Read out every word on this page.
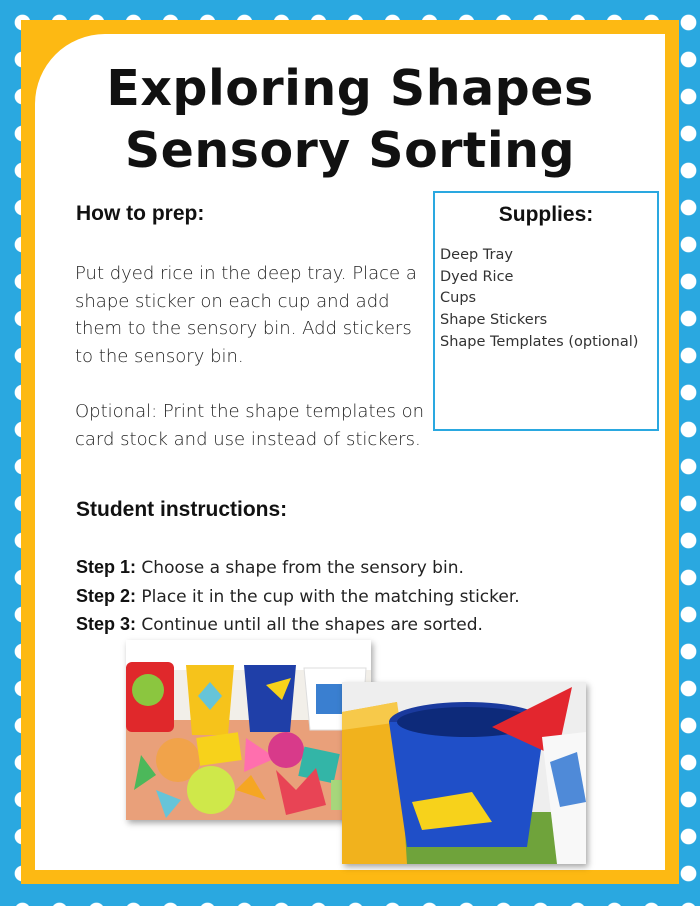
Exploring Shapes
Sensory Sorting
How to prep:

Put dyed rice in the deep tray. Place a shape sticker on each cup and add them to the sensory bin. Add stickers to the sensory bin.

Optional: Print the shape templates on card stock and use instead of stickers.

Supplies:
Deep Tray
Dyed Rice
Cups
Shape Stickers
Shape Templates (optional)
Student instructions:
Step 1: Choose a shape from the sensory bin.
Step 2: Place it in the cup with the matching sticker.
Step 3: Continue until all the shapes are sorted.
